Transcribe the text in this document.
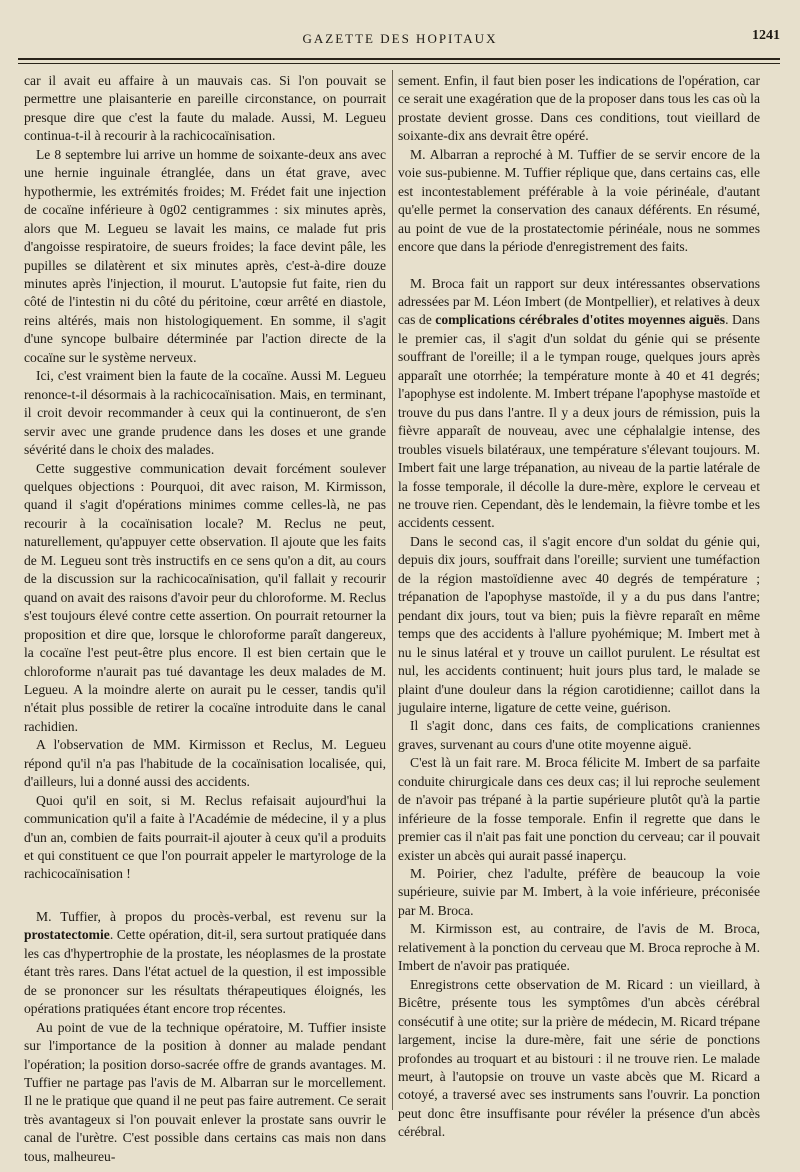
GAZETTE DES HOPITAUX	1241

car il avait eu affaire à un mauvais cas. Si l'on pouvait se permettre une plaisanterie en pareille circonstance, on pourrait presque dire que c'est la faute du malade. Aussi, M. Legueu continua-t-il à recourir à la rachicocaïnisation.

Le 8 septembre lui arrive un homme de soixante-deux ans avec une hernie inguinale étranglée, dans un état grave, avec hypothermie, les extrémités froides; M. Frédet fait une injection de cocaïne inférieure à 0g02 centigrammes : six minutes après, alors que M. Legueu se lavait les mains, ce malade fut pris d'angoisse respiratoire, de sueurs froides; la face devint pâle, les pupilles se dilatèrent et six minutes après, c'est-à-dire douze minutes après l'injection, il mourut. L'autopsie fut faite, rien du côté de l'intestin ni du côté du péritoine, cœur arrêté en diastole, reins altérés, mais non histologiquement. En somme, il s'agit d'une syncope bulbaire déterminée par l'action directe de la cocaïne sur le système nerveux.

Ici, c'est vraiment bien la faute de la cocaïne. Aussi M. Legueu renonce-t-il désormais à la rachicocaïnisation. Mais, en terminant, il croit devoir recommander à ceux qui la continueront, de s'en servir avec une grande prudence dans les doses et une grande sévérité dans le choix des malades.

Cette suggestive communication devait forcément soulever quelques objections : Pourquoi, dit avec raison, M. Kirmisson, quand il s'agit d'opérations minimes comme celles-là, ne pas recourir à la cocaïnisation locale? M. Reclus ne peut, naturellement, qu'appuyer cette observation. Il ajoute que les faits de M. Legueu sont très instructifs en ce sens qu'on a dit, au cours de la discussion sur la rachicocaïnisation, qu'il fallait y recourir quand on avait des raisons d'avoir peur du chloroforme. M. Reclus s'est toujours élevé contre cette assertion. On pourrait retourner la proposition et dire que, lorsque le chloroforme paraît dangereux, la cocaïne l'est peut-être plus encore. Il est bien certain que le chloroforme n'aurait pas tué davantage les deux malades de M. Legueu. A la moindre alerte on aurait pu le cesser, tandis qu'il n'était plus possible de retirer la cocaïne introduite dans le canal rachidien.

A l'observation de MM. Kirmisson et Reclus, M. Legueu répond qu'il n'a pas l'habitude de la cocaïnisation localisée, qui, d'ailleurs, lui a donné aussi des accidents.

Quoi qu'il en soit, si M. Reclus refaisait aujourd'hui la communication qu'il a faite à l'Académie de médecine, il y a plus d'un an, combien de faits pourrait-il ajouter à ceux qu'il a produits et qui constituent ce que l'on pourrait appeler le martyrologe de la rachicocaïnisation !

M. Tuffier, à propos du procès-verbal, est revenu sur la prostatectomie. Cette opération, dit-il, sera surtout pratiquée dans les cas d'hypertrophie de la prostate, les néoplasmes de la prostate étant très rares. Dans l'état actuel de la question, il est impossible de se prononcer sur les résultats thérapeutiques éloignés, les opérations pratiquées étant encore trop récentes.

Au point de vue de la technique opératoire, M. Tuffier insiste sur l'importance de la position à donner au malade pendant l'opération; la position dorso-sacrée offre de grands avantages. M. Tuffier ne partage pas l'avis de M. Albarran sur le morcellement. Il ne le pratique que quand il ne peut pas faire autrement. Ce serait très avantageux si l'on pouvait enlever la prostate sans ouvrir le canal de l'urètre. C'est possible dans certains cas mais non dans tous, malheureu-

sement. Enfin, il faut bien poser les indications de l'opération, car ce serait une exagération que de la proposer dans tous les cas où la prostate devient grosse. Dans ces conditions, tout vieillard de soixante-dix ans devrait être opéré.

M. Albarran a reproché à M. Tuffier de se servir encore de la voie sus-pubienne. M. Tuffier réplique que, dans certains cas, elle est incontestablement préférable à la voie périnéale, d'autant qu'elle permet la conservation des canaux déférents. En résumé, au point de vue de la prostatectomie périnéale, nous ne sommes encore que dans la période d'enregistrement des faits.

M. Broca fait un rapport sur deux intéressantes observations adressées par M. Léon Imbert (de Montpellier), et relatives à deux cas de complications cérébrales d'otites moyennes aiguës. Dans le premier cas, il s'agit d'un soldat du génie qui se présente souffrant de l'oreille; il a le tympan rouge, quelques jours après apparaît une otorrhée; la température monte à 40 et 41 degrés; l'apophyse est indolente. M. Imbert trépane l'apophyse mastoïde et trouve du pus dans l'antre. Il y a deux jours de rémission, puis la fièvre apparaît de nouveau, avec une céphalalgie intense, des troubles visuels bilatéraux, une température s'élevant toujours. M. Imbert fait une large trépanation, au niveau de la partie latérale de la fosse temporale, il décolle la dure-mère, explore le cerveau et ne trouve rien. Cependant, dès le lendemain, la fièvre tombe et les accidents cessent.

Dans le second cas, il s'agit encore d'un soldat du génie qui, depuis dix jours, souffrait dans l'oreille; survient une tuméfaction de la région mastoïdienne avec 40 degrés de température ; trépanation de l'apophyse mastoïde, il y a du pus dans l'antre; pendant dix jours, tout va bien; puis la fièvre reparaît en même temps que des accidents à l'allure pyohémique; M. Imbert met à nu le sinus latéral et y trouve un caillot purulent. Le résultat est nul, les accidents continuent; huit jours plus tard, le malade se plaint d'une douleur dans la région carotidienne; caillot dans la jugulaire interne, ligature de cette veine, guérison.

Il s'agit donc, dans ces faits, de complications craniennes graves, survenant au cours d'une otite moyenne aiguë.

C'est là un fait rare. M. Broca félicite M. Imbert de sa parfaite conduite chirurgicale dans ces deux cas; il lui reproche seulement de n'avoir pas trépané à la partie supérieure plutôt qu'à la partie inférieure de la fosse temporale. Enfin il regrette que dans le premier cas il n'ait pas fait une ponction du cerveau; car il pouvait exister un abcès qui aurait passé inaperçu.

M. Poirier, chez l'adulte, préfère de beaucoup la voie supérieure, suivie par M. Imbert, à la voie inférieure, préconisée par M. Broca.

M. Kirmisson est, au contraire, de l'avis de M. Broca, relativement à la ponction du cerveau que M. Broca reproche à M. Imbert de n'avoir pas pratiquée.

Enregistrons cette observation de M. Ricard : un vieillard, à Bicêtre, présente tous les symptômes d'un abcès cérébral consécutif à une otite; sur la prière de médecin, M. Ricard trépane largement, incise la dure-mère, fait une série de ponctions profondes au troquart et au bistouri : il ne trouve rien. Le malade meurt, à l'autopsie on trouve un vaste abcès que M. Ricard a cotoyé, a traversé avec ses instruments sans l'ouvrir. La ponction peut donc être insuffisante pour révéler la présence d'un abcès cérébral.
